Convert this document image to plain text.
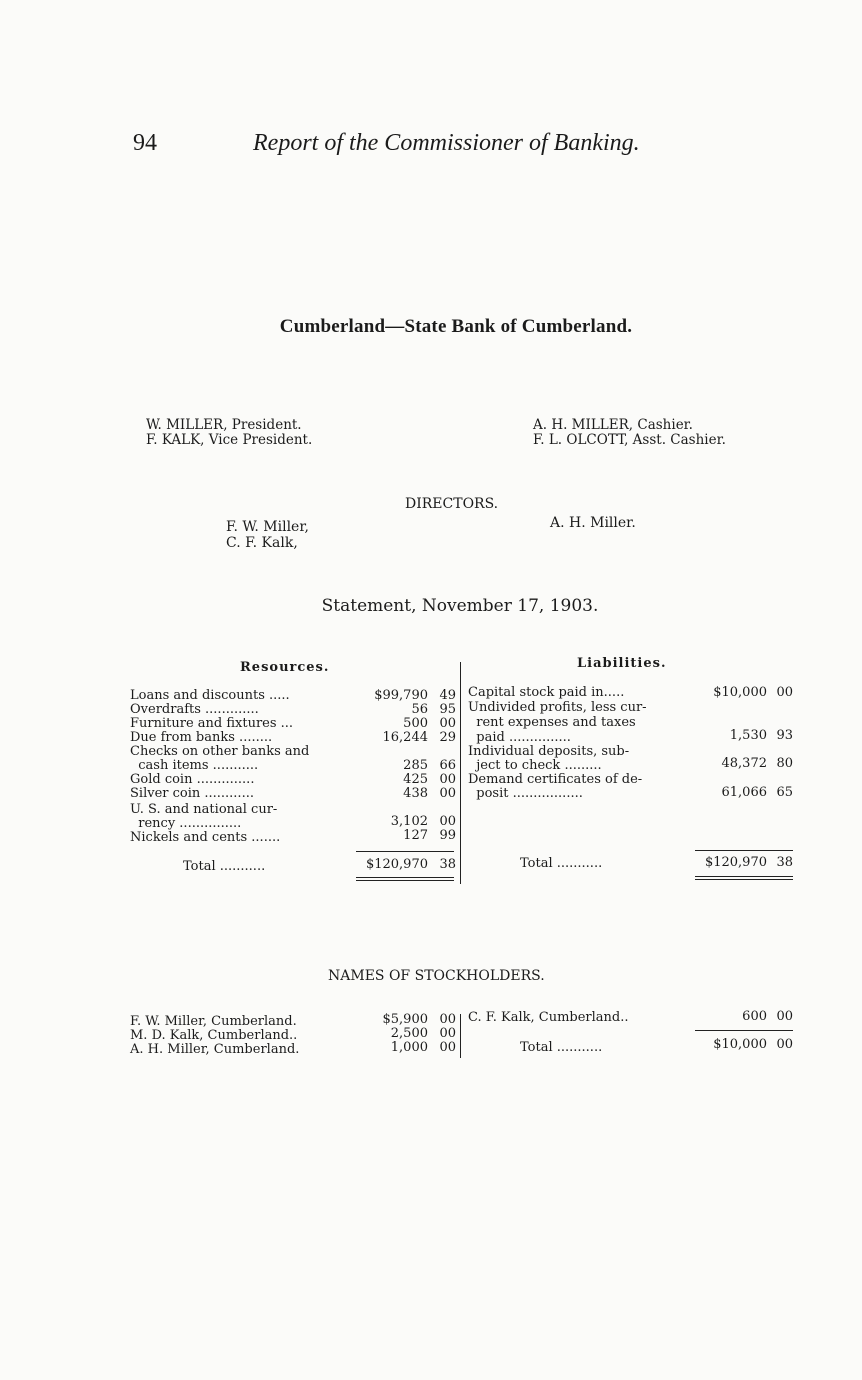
94	Report of the Commissioner of Banking.
Cumberland—State Bank of Cumberland.
W. MILLER, President.
F. KALK, Vice President.
A. H. MILLER, Cashier.
F. L. OLCOTT, Asst. Cashier.
DIRECTORS.
F. W. Miller,
C. F. Kalk,
A. H. Miller.
Statement, November 17, 1903.
Resources.	Liabilities.
Loans and discounts .....	$99,790 49
Overdrafts .............	56 95
Furniture and fixtures ...	500 00
Due from banks ........	16,244 29
Checks on other banks and
cash items ...........	285 66
Gold coin ..............	425 00
Silver coin ............	438 00
U. S. and national cur-
rency ...............	3,102 00
Nickels and cents .......	127 99
Total ...........	$120,970 38
Capital stock paid in.....	$10,000 00
Undivided profits, less cur-
rent expenses and taxes
paid ...............	1,530 93
Individual deposits, sub-
ject to check .........	48,372 80
Demand certificates of de-
posit .................	61,066 65
Total ...........	$120,970 38
NAMES OF STOCKHOLDERS.
F. W. Miller, Cumberland.	$5,900 00
M. D. Kalk, Cumberland..	2,500 00
A. H. Miller, Cumberland.	1,000 00
C. F. Kalk, Cumberland..	600 00
Total ...........	$10,000 00
